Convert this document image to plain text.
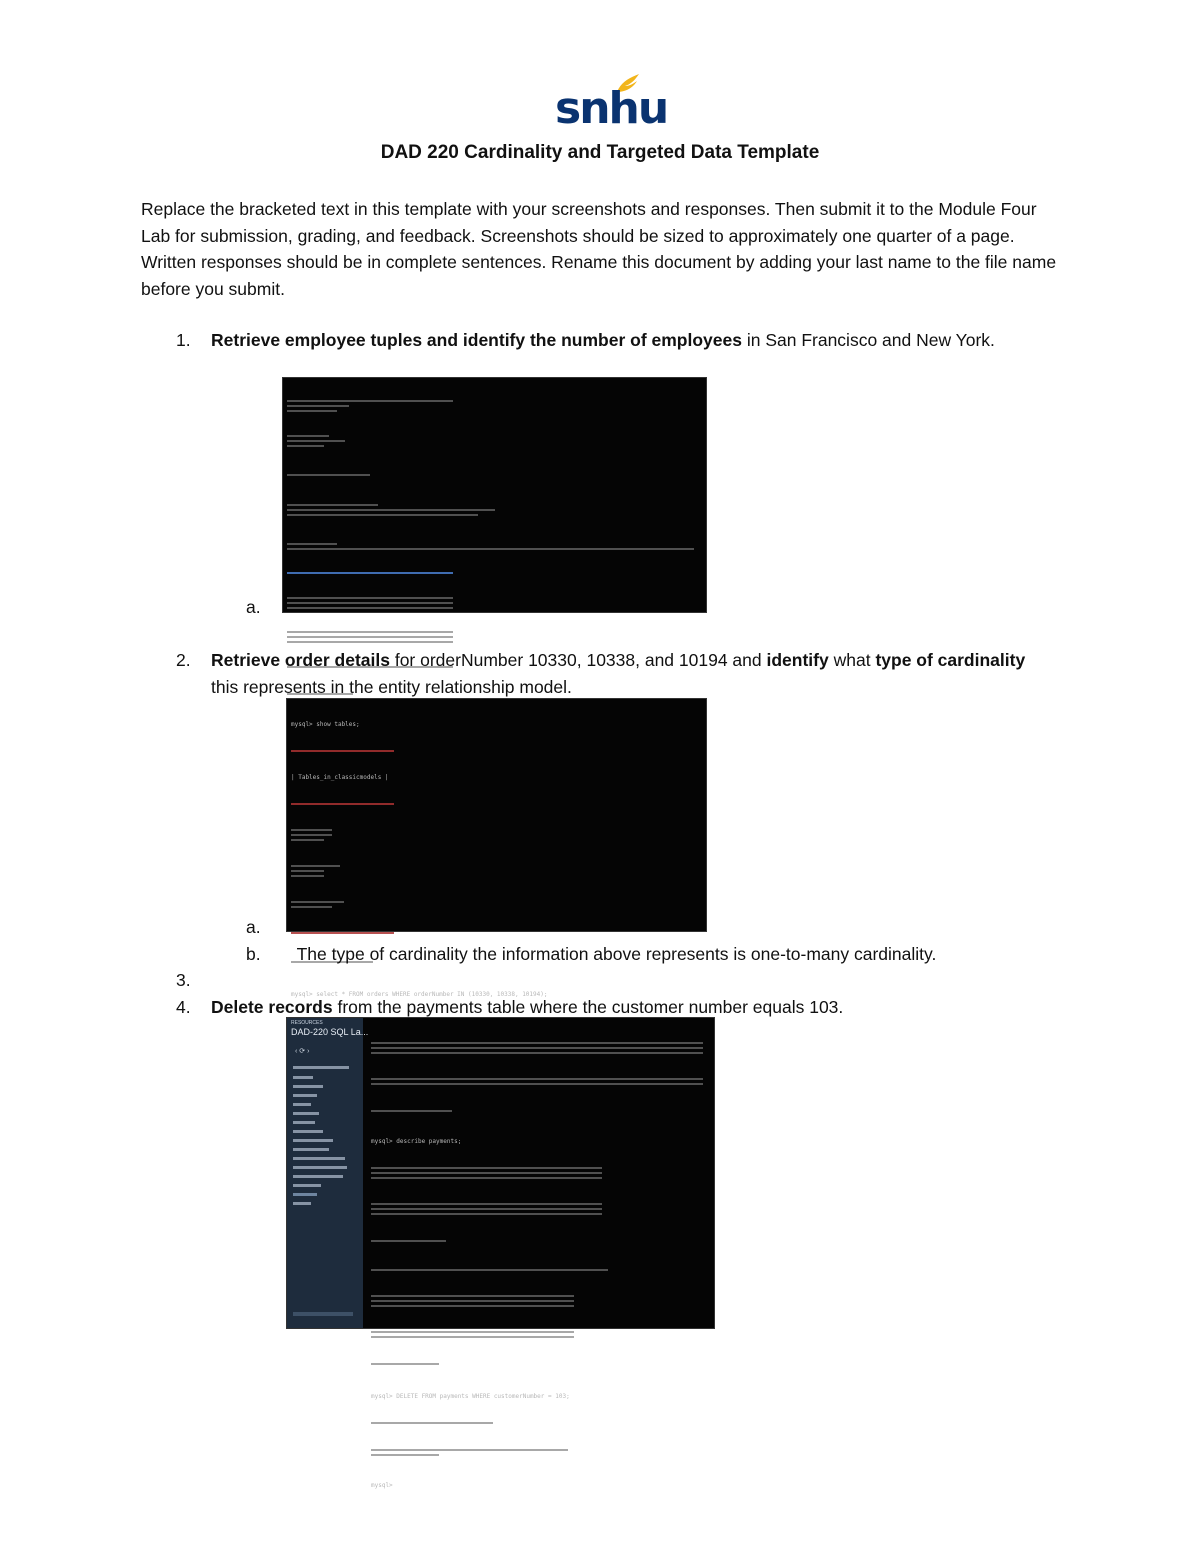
snhu
DAD 220 Cardinality and Targeted Data Template
Replace the bracketed text in this template with your screenshots and responses. Then submit it to the Module Four Lab for submission, grading, and feedback. Screenshots should be sized to approximately one quarter of a page. Written responses should be in complete sentences. Rename this document by adding your last name to the file name before you submit.
1. Retrieve employee tuples and identify the number of employees in San Francisco and New York.

a.
2. Retrieve order details for orderNumber 10330, 10338, and 10194 and identify what type of cardinality this represents in the entity relationship model.

mysql> show tables;

| Tables_in_classicmodels |

mysql> select * FROM orders WHERE orderNumber IN (10330, 10338, 10194);

a.
b. The type of cardinality the information above represents is one-to-many cardinality.
3.
4. Delete records from the payments table where the customer number equals 103.
RESOURCES
DAD-220 SQL La...
‹ ⟳ ›

mysql> describe payments;

mysql> DELETE FROM payments WHERE customerNumber = 103;

mysql>
